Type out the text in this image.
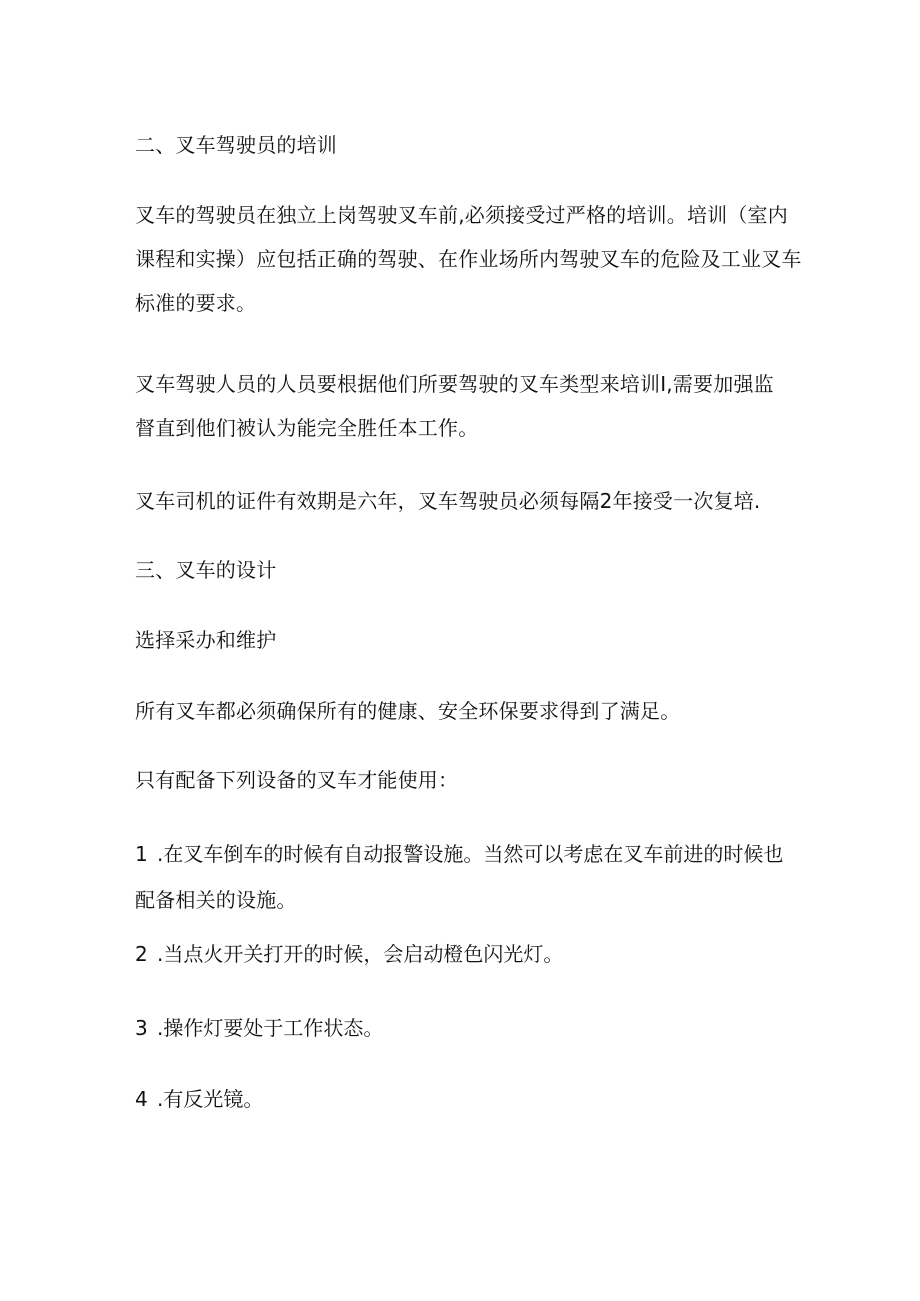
二、叉车驾驶员的培训
叉车的驾驶员在独立上岗驾驶叉车前,必须接受过严格的培训。培训（室内
课程和实操）应包括正确的驾驶、在作业场所内驾驶叉车的危险及工业叉车
标准的要求。
叉车驾驶人员的人员要根据他们所要驾驶的叉车类型来培训I,需要加强监
督直到他们被认为能完全胜任本工作。
叉车司机的证件有效期是六年，叉车驾驶员必须每隔2年接受一次复培.
三、叉车的设计
选择采办和维护
所有叉车都必须确保所有的健康、安全环保要求得到了满足。
只有配备下列设备的叉车才能使用：
1 .在叉车倒车的时候有自动报警设施。当然可以考虑在叉车前进的时候也
配备相关的设施。
2 .当点火开关打开的时候，会启动橙色闪光灯。
3 .操作灯要处于工作状态。
4 .有反光镜。
